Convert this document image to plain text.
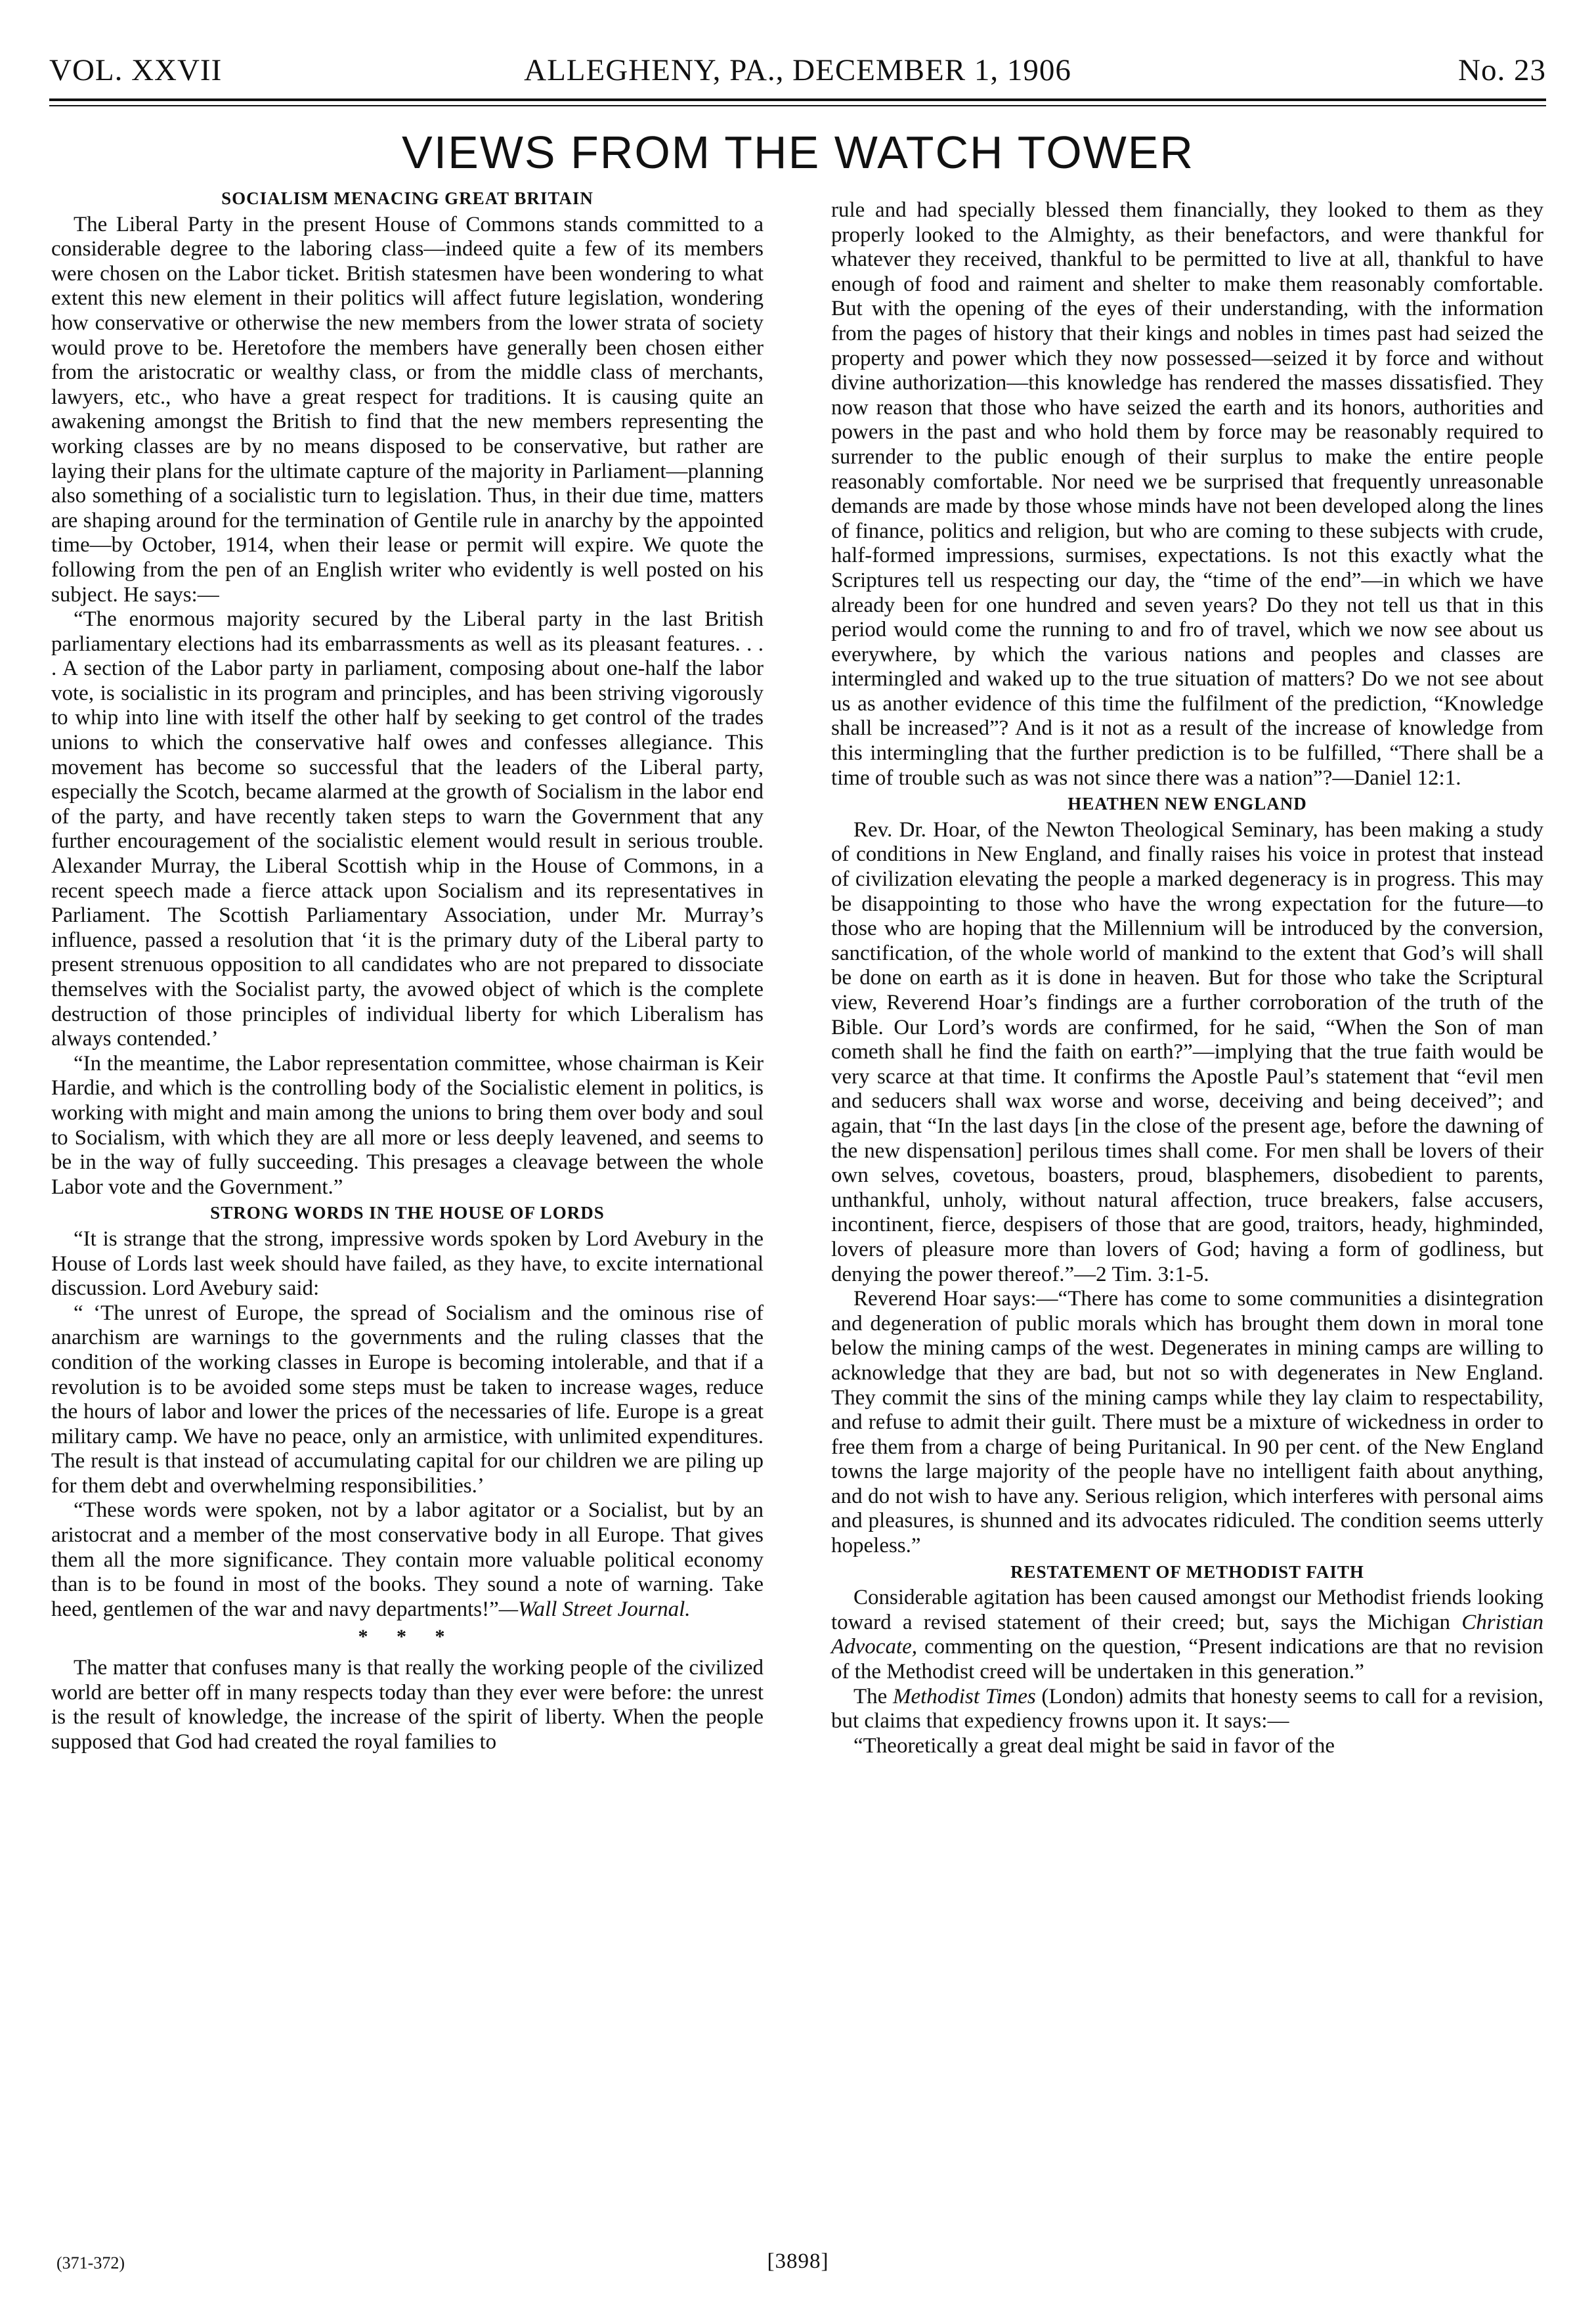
VOL. XXVII	ALLEGHENY, PA., DECEMBER 1, 1906	No. 23
VIEWS FROM THE WATCH TOWER
SOCIALISM MENACING GREAT BRITAIN

The Liberal Party in the present House of Commons stands committed to a considerable degree to the laboring class—indeed quite a few of its members were chosen on the Labor ticket. British statesmen have been wondering to what extent this new element in their politics will affect future legislation, wondering how conservative or otherwise the new members from the lower strata of society would prove to be. Heretofore the members have generally been chosen either from the aristocratic or wealthy class, or from the middle class of merchants, lawyers, etc., who have a great respect for traditions. It is causing quite an awakening amongst the British to find that the new members representing the working classes are by no means disposed to be conservative, but rather are laying their plans for the ultimate capture of the majority in Parliament—planning also something of a socialistic turn to legislation. Thus, in their due time, matters are shaping around for the termination of Gentile rule in anarchy by the appointed time—by October, 1914, when their lease or permit will expire. We quote the following from the pen of an English writer who evidently is well posted on his subject. He says:—

“The enormous majority secured by the Liberal party in the last British parliamentary elections had its embarrassments as well as its pleasant features. . . . A section of the Labor party in parliament, composing about one-half the labor vote, is socialistic in its program and principles, and has been striving vigorously to whip into line with itself the other half by seeking to get control of the trades unions to which the conservative half owes and confesses allegiance. This movement has become so successful that the leaders of the Liberal party, especially the Scotch, became alarmed at the growth of Socialism in the labor end of the party, and have recently taken steps to warn the Government that any further encouragement of the socialistic element would result in serious trouble. Alexander Murray, the Liberal Scottish whip in the House of Commons, in a recent speech made a fierce attack upon Socialism and its representatives in Parliament. The Scottish Parliamentary Association, under Mr. Murray’s influence, passed a resolution that ‘it is the primary duty of the Liberal party to present strenuous opposition to all candidates who are not prepared to dissociate themselves with the Socialist party, the avowed object of which is the complete destruction of those principles of individual liberty for which Liberalism has always contended.’

“In the meantime, the Labor representation committee, whose chairman is Keir Hardie, and which is the controlling body of the Socialistic element in politics, is working with might and main among the unions to bring them over body and soul to Socialism, with which they are all more or less deeply leavened, and seems to be in the way of fully succeeding. This presages a cleavage between the whole Labor vote and the Government.”

STRONG WORDS IN THE HOUSE OF LORDS

“It is strange that the strong, impressive words spoken by Lord Avebury in the House of Lords last week should have failed, as they have, to excite international discussion. Lord Avebury said:

“ ‘The unrest of Europe, the spread of Socialism and the ominous rise of anarchism are warnings to the governments and the ruling classes that the condition of the working classes in Europe is becoming intolerable, and that if a revolution is to be avoided some steps must be taken to increase wages, reduce the hours of labor and lower the prices of the necessaries of life. Europe is a great military camp. We have no peace, only an armistice, with unlimited expenditures. The result is that instead of accumulating capital for our children we are piling up for them debt and overwhelming responsibilities.’

“These words were spoken, not by a labor agitator or a Socialist, but by an aristocrat and a member of the most conservative body in all Europe. That gives them all the more significance. They contain more valuable political economy than is to be found in most of the books. They sound a note of warning. Take heed, gentlemen of the war and navy departments!”—Wall Street Journal.

* * *

The matter that confuses many is that really the working people of the civilized world are better off in many respects today than they ever were before: the unrest is the result of knowledge, the increase of the spirit of liberty. When the people supposed that God had created the royal families to

rule and had specially blessed them financially, they looked to them as they properly looked to the Almighty, as their benefactors, and were thankful for whatever they received, thankful to be permitted to live at all, thankful to have enough of food and raiment and shelter to make them reasonably comfortable. But with the opening of the eyes of their understanding, with the information from the pages of history that their kings and nobles in times past had seized the property and power which they now possessed—seized it by force and without divine authorization—this knowledge has rendered the masses dissatisfied. They now reason that those who have seized the earth and its honors, authorities and powers in the past and who hold them by force may be reasonably required to surrender to the public enough of their surplus to make the entire people reasonably comfortable. Nor need we be surprised that frequently unreasonable demands are made by those whose minds have not been developed along the lines of finance, politics and religion, but who are coming to these subjects with crude, half-formed impressions, surmises, expectations. Is not this exactly what the Scriptures tell us respecting our day, the “time of the end”—in which we have already been for one hundred and seven years? Do they not tell us that in this period would come the running to and fro of travel, which we now see about us everywhere, by which the various nations and peoples and classes are intermingled and waked up to the true situation of matters? Do we not see about us as another evidence of this time the fulfilment of the prediction, “Knowledge shall be increased”? And is it not as a result of the increase of knowledge from this intermingling that the further prediction is to be fulfilled, “There shall be a time of trouble such as was not since there was a nation”?—Daniel 12:1.

HEATHEN NEW ENGLAND

Rev. Dr. Hoar, of the Newton Theological Seminary, has been making a study of conditions in New England, and finally raises his voice in protest that instead of civilization elevating the people a marked degeneracy is in progress. This may be disappointing to those who have the wrong expectation for the future—to those who are hoping that the Millennium will be introduced by the conversion, sanctification, of the whole world of mankind to the extent that God’s will shall be done on earth as it is done in heaven. But for those who take the Scriptural view, Reverend Hoar’s findings are a further corroboration of the truth of the Bible. Our Lord’s words are confirmed, for he said, “When the Son of man cometh shall he find the faith on earth?”—implying that the true faith would be very scarce at that time. It confirms the Apostle Paul’s statement that “evil men and seducers shall wax worse and worse, deceiving and being deceived”; and again, that “In the last days [in the close of the present age, before the dawning of the new dispensation] perilous times shall come. For men shall be lovers of their own selves, covetous, boasters, proud, blasphemers, disobedient to parents, unthankful, unholy, without natural affection, truce breakers, false accusers, incontinent, fierce, despisers of those that are good, traitors, heady, highminded, lovers of pleasure more than lovers of God; having a form of godliness, but denying the power thereof.”—2 Tim. 3:1-5.

Reverend Hoar says:—“There has come to some communities a disintegration and degeneration of public morals which has brought them down in moral tone below the mining camps of the west. Degenerates in mining camps are willing to acknowledge that they are bad, but not so with degenerates in New England. They commit the sins of the mining camps while they lay claim to respectability, and refuse to admit their guilt. There must be a mixture of wickedness in order to free them from a charge of being Puritanical. In 90 per cent. of the New England towns the large majority of the people have no intelligent faith about anything, and do not wish to have any. Serious religion, which interferes with personal aims and pleasures, is shunned and its advocates ridiculed. The condition seems utterly hopeless.”

RESTATEMENT OF METHODIST FAITH

Considerable agitation has been caused amongst our Methodist friends looking toward a revised statement of their creed; but, says the Michigan Christian Advocate, commenting on the question, “Present indications are that no revision of the Methodist creed will be undertaken in this generation.”

The Methodist Times (London) admits that honesty seems to call for a revision, but claims that expediency frowns upon it. It says:—

“Theoretically a great deal might be said in favor of the

(371-372)	[3898]
